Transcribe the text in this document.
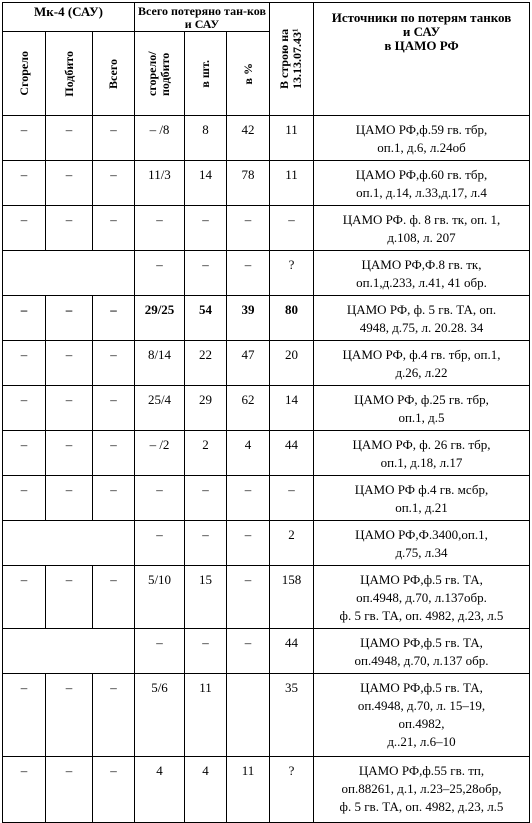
Мк-4 (САУ)			Всего потеряно тан-ков и САУ			В строю на 13.13.07.43¹	Источники по потерям танков
и САУ
в ЦАМО РФ

Сгорело	Подбито	Всего	сгорело/подбито	в шт.	в %		

–	–	–	– /8	8	42	11	ЦАМО РФ,ф.59 гв. тбр,
оп.1, д.6, л.24об

–	–	–	11/3	14	78	11	ЦАМО РФ,ф.60 гв. тбр,
оп.1, д.14, л.33,д.17, л.4

–	–	–	–	–	–	–	ЦАМО РФ. ф. 8 гв. тк, оп. 1,
д.108, л. 207

			–	–	–	?	ЦАМО РФ,Ф.8 гв. тк,
оп.1,д.233, л.41, 41 обр.

–	–	–	29/25	54	39	80	ЦАМО РФ, ф. 5 гв. ТА, оп.
4948, д.75, л. 20.28. 34

–	–	–	8/14	22	47	20	ЦАМО РФ, ф.4 гв. тбр, оп.1,
д.26, л.22

–	–	–	25/4	29	62	14	ЦАМО РФ, ф.25 гв. тбр,
оп.1, д.5

–	–	–	– /2	2	4	44	ЦАМО РФ, ф. 26 гв. тбр,
оп.1, д.18, л.17

–	–	–	–	–	–	–	ЦАМО РФ ф.4 гв. мсбр,
оп.1, д.21

			–	–	–	2	ЦАМО РФ,Ф.3400,оп.1,
д.75, л.34

–	–	–	5/10	15	–	158	ЦАМО РФ,ф.5 гв. ТА,
оп.4948, д.70, л.137обр.
ф. 5 гв. ТА, оп. 4982, д.23, л.5

			–	–	–	44	ЦАМО РФ,ф.5 гв. ТА,
оп.4948, д.70, л.137 обр.

–	–	–	5/6	11		35	ЦАМО РФ,ф.5 гв. ТА,
оп.4948, д.70, л. 15–19,
оп.4982,
д..21, л.6–10

–	–	–	4	4	11	?	ЦАМО РФ,ф.55 гв. тп,
оп.88261, д.1, л.23–25,28обр,
ф. 5 гв. ТА, оп. 4982, д.23, л.5
